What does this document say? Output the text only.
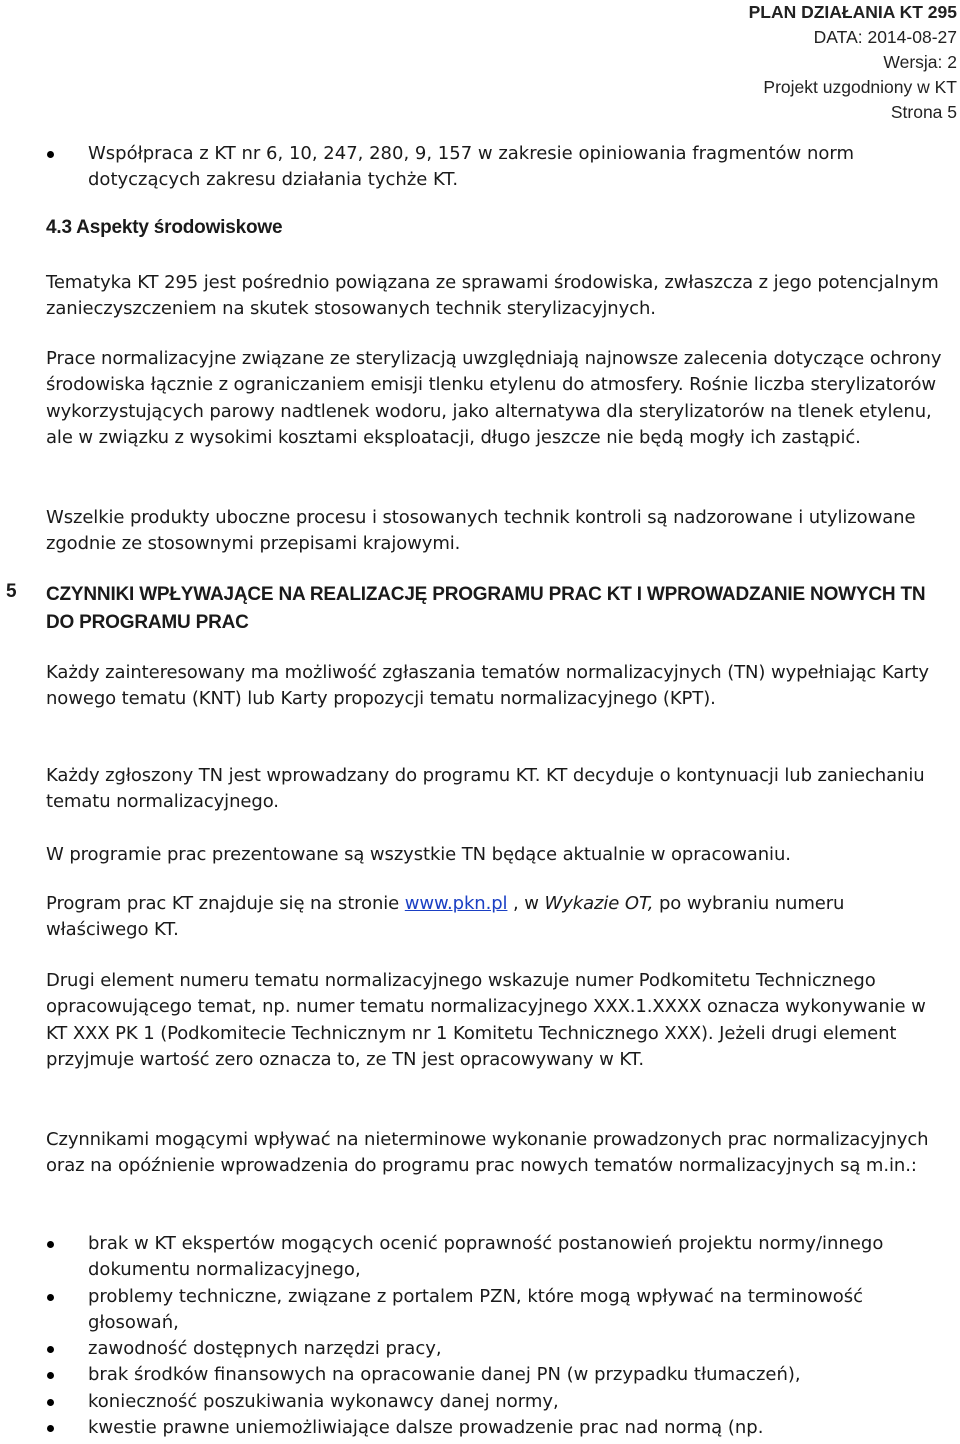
PLAN DZIAŁANIA KT 295
DATA: 2014-08-27
Wersja: 2
Projekt uzgodniony w KT
Strona 5
Współpraca z KT nr 6, 10, 247, 280, 9, 157 w zakresie opiniowania fragmentów norm dotyczących zakresu działania tychże KT.
4.3 Aspekty środowiskowe

Tematyka KT 295 jest pośrednio powiązana ze sprawami środowiska, zwłaszcza z jego potencjalnym zanieczyszczeniem na skutek stosowanych technik sterylizacyjnych.

Prace normalizacyjne związane ze sterylizacją uwzględniają najnowsze zalecenia dotyczące ochrony środowiska łącznie z ograniczaniem emisji tlenku etylenu do atmosfery. Rośnie liczba sterylizatorów wykorzystujących parowy nadtlenek wodoru, jako alternatywa dla sterylizatorów na tlenek etylenu, ale w związku z wysokimi kosztami eksploatacji, długo jeszcze nie będą mogły ich zastąpić.

Wszelkie produkty uboczne procesu i stosowanych technik kontroli są nadzorowane i utylizowane zgodnie ze stosownymi przepisami krajowymi.

5 CZYNNIKI WPŁYWAJĄCE NA REALIZACJĘ PROGRAMU PRAC KT I WPROWADZANIE NOWYCH TN DO PROGRAMU PRAC

Każdy zainteresowany ma możliwość zgłaszania tematów normalizacyjnych (TN) wypełniając Karty nowego tematu (KNT) lub Karty propozycji tematu normalizacyjnego (KPT).

Każdy zgłoszony TN jest wprowadzany do programu KT. KT decyduje o kontynuacji lub zaniechaniu tematu normalizacyjnego.

W programie prac prezentowane są wszystkie TN będące aktualnie w opracowaniu.

Program prac KT znajduje się na stronie www.pkn.pl , w Wykazie OT, po wybraniu numeru właściwego KT.

Drugi element numeru tematu normalizacyjnego wskazuje numer Podkomitetu Technicznego opracowującego temat, np. numer tematu normalizacyjnego XXX.1.XXXX oznacza wykonywanie w KT XXX PK 1 (Podkomitecie Technicznym nr 1 Komitetu Technicznego XXX). Jeżeli drugi element przyjmuje wartość zero oznacza to, ze TN jest opracowywany w KT.

Czynnikami mogącymi wpływać na nieterminowe wykonanie prowadzonych prac normalizacyjnych oraz na opóźnienie wprowadzenia do programu prac nowych tematów normalizacyjnych są m.in.:

brak w KT ekspertów mogących ocenić poprawność postanowień projektu normy/innego dokumentu normalizacyjnego,
problemy techniczne, związane z portalem PZN, które mogą wpływać na terminowość głosowań,
zawodność dostępnych narzędzi pracy,
brak środków finansowych na opracowanie danej PN (w przypadku tłumaczeń),
konieczność poszukiwania wykonawcy danej normy,
kwestie prawne uniemożliwiające dalsze prowadzenie prac nad normą (np.
